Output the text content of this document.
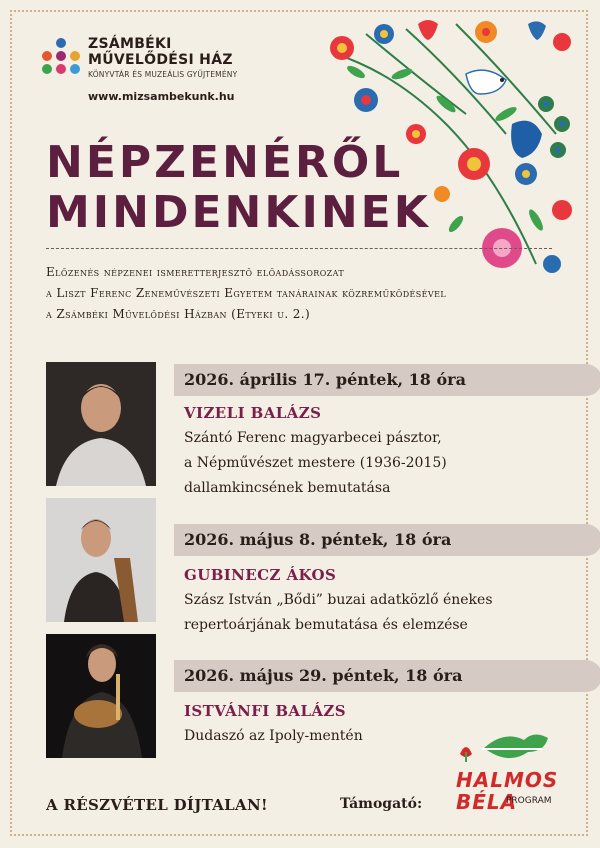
ZSÁMBÉKI
MŰVELŐDÉSI HÁZ
KÖNYVTÁR ÉS MUZEÁLIS GYŰJTEMÉNY
www.mizsambekunk.hu
NÉPZENÉRŐL
MINDENKINEK
Előzenés népzenei ismeretterjesztő előadássorozat
a Liszt Ferenc Zeneművészeti Egyetem tanárainak közreműködésével
a Zsámbéki Művelődési Házban (Etyeki u. 2.)
2026. április 17. péntek, 18 óra
VIZELI BALÁZS
Szántó Ferenc magyarbecei pásztor,
a Népművészet mestere (1936-2015)
dallamkincsének bemutatása
2026. május 8. péntek, 18 óra
GUBINECZ ÁKOS
Szász István „Bődi” buzai adatközlő énekes
repertoárjának bemutatása és elemzése
2026. május 29. péntek, 18 óra
ISTVÁNFI BALÁZS
Dudaszó az Ipoly-mentén
HALMOS
BÉLA
PROGRAM
A RÉSZVÉTEL DÍJTALAN!	Támogató:
